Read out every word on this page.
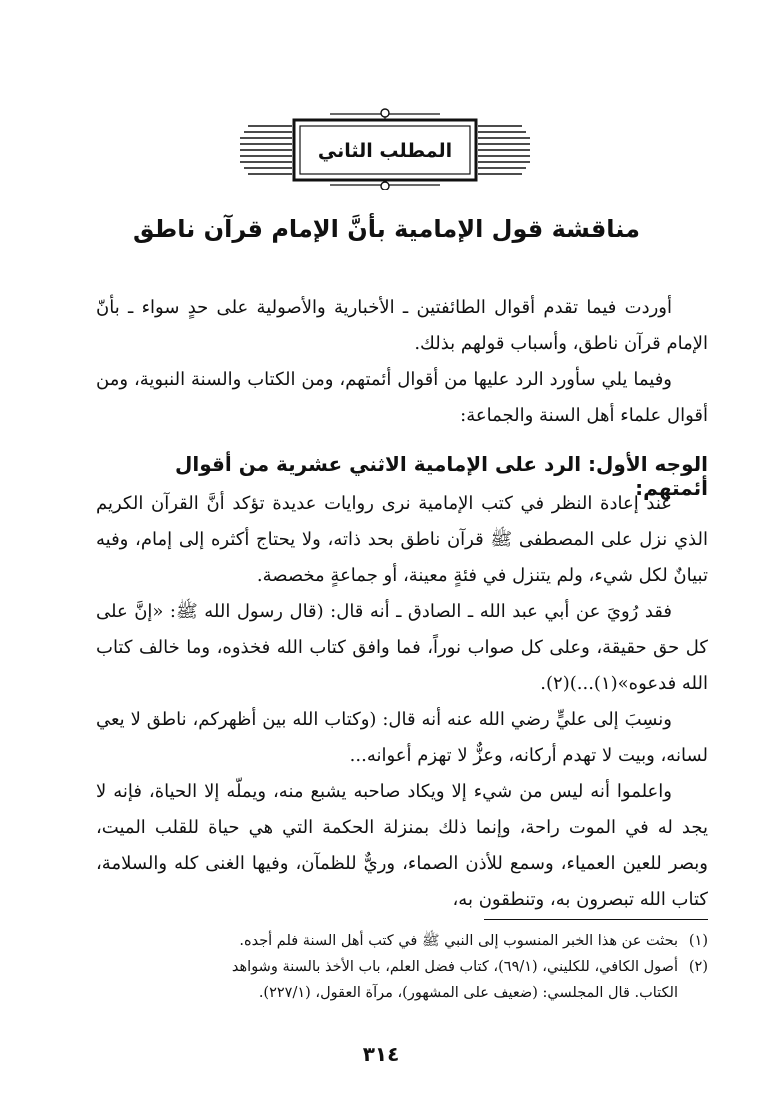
المطلب الثاني
مناقشة قول الإمامية بأنَّ الإمام قرآن ناطق

أوردت فيما تقدم أقوال الطائفتين ـ الأخبارية والأصولية على حدٍ سواء ـ بأنّ الإمام قرآن ناطق، وأسباب قولهم بذلك.

وفيما يلي سأورد الرد عليها من أقوال أئمتهم، ومن الكتاب والسنة النبوية، ومن أقوال علماء أهل السنة والجماعة:

الوجه الأول: الرد على الإمامية الاثني عشرية من أقوال أئمتهم:

عند إعادة النظر في كتب الإمامية نرى روايات عديدة تؤكد أنَّ القرآن الكريم الذي نزل على المصطفى ﷺ قرآن ناطق بحد ذاته، ولا يحتاج أكثره إلى إمام، وفيه تبيانٌ لكل شيء، ولم يتنزل في فئةٍ معينة، أو جماعةٍ مخصصة.

فقد رُويَ عن أبي عبد الله ـ الصادق ـ أنه قال: (قال رسول الله ﷺ: «إنَّ على كل حق حقيقة، وعلى كل صواب نوراً، فما وافق كتاب الله فخذوه، وما خالف كتاب الله فدعوه»(١)...)(٢).

ونسِبَ إلى عليٍّ رضي الله عنه أنه قال: (وكتاب الله بين أظهركم، ناطق لا يعي لسانه، وبيت لا تهدم أركانه، وعزٌّ لا تهزم أعوانه...

واعلموا أنه ليس من شيء إلا ويكاد صاحبه يشبع منه، ويملّه إلا الحياة، فإنه لا يجد له في الموت راحة، وإنما ذلك بمنزلة الحكمة التي هي حياة للقلب الميت، وبصر للعين العمياء، وسمع للأذن الصماء، وريٌّ للظمآن، وفيها الغنى كله والسلامة، كتاب الله تبصرون به، وتنطقون به،

(١)بحثت عن هذا الخبر المنسوب إلى النبي ﷺ في كتب أهل السنة فلم أجده.
(٢)أصول الكافي، للكليني، (٦٩/١)، كتاب فضل العلم، باب الأخذ بالسنة وشواهد
الكتاب. قال المجلسي: (ضعيف على المشهور)، مرآة العقول، (٢٢٧/١).
٣١٤
